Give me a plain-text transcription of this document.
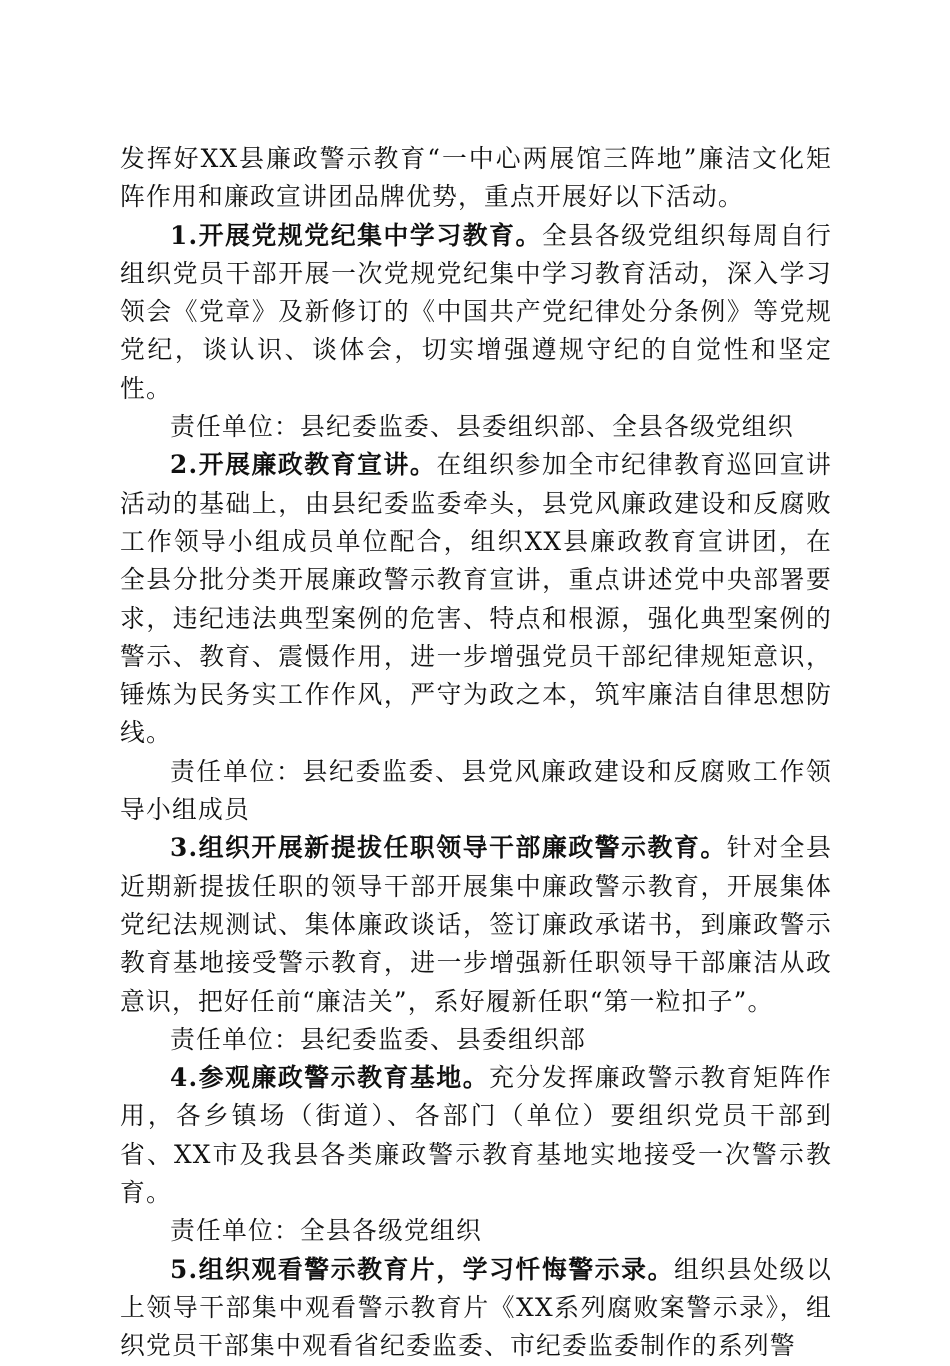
发挥好XX县廉政警示教育“一中心两展馆三阵地”廉洁文化矩阵作用和廉政宣讲团品牌优势，重点开展好以下活动。

1.开展党规党纪集中学习教育。全县各级党组织每周自行组织党员干部开展一次党规党纪集中学习教育活动，深入学习领会《党章》及新修订的《中国共产党纪律处分条例》等党规党纪，谈认识、谈体会，切实增强遵规守纪的自觉性和坚定性。

责任单位：县纪委监委、县委组织部、全县各级党组织

2.开展廉政教育宣讲。在组织参加全市纪律教育巡回宣讲活动的基础上，由县纪委监委牵头，县党风廉政建设和反腐败工作领导小组成员单位配合，组织XX县廉政教育宣讲团，在全县分批分类开展廉政警示教育宣讲，重点讲述党中央部署要求，违纪违法典型案例的危害、特点和根源，强化典型案例的警示、教育、震慑作用，进一步增强党员干部纪律规矩意识，锤炼为民务实工作作风，严守为政之本，筑牢廉洁自律思想防线。

责任单位：县纪委监委、县党风廉政建设和反腐败工作领导小组成员

3.组织开展新提拔任职领导干部廉政警示教育。针对全县近期新提拔任职的领导干部开展集中廉政警示教育，开展集体党纪法规测试、集体廉政谈话，签订廉政承诺书，到廉政警示教育基地接受警示教育，进一步增强新任职领导干部廉洁从政意识，把好任前“廉洁关”，系好履新任职“第一粒扣子”。

责任单位：县纪委监委、县委组织部

4.参观廉政警示教育基地。充分发挥廉政警示教育矩阵作用，各乡镇场（街道）、各部门（单位）要组织党员干部到省、XX市及我县各类廉政警示教育基地实地接受一次警示教育。

责任单位：全县各级党组织

5.组织观看警示教育片，学习忏悔警示录。组织县处级以上领导干部集中观看警示教育片《XX系列腐败案警示录》，组织党员干部集中观看省纪委监委、市纪委监委制作的系列警
